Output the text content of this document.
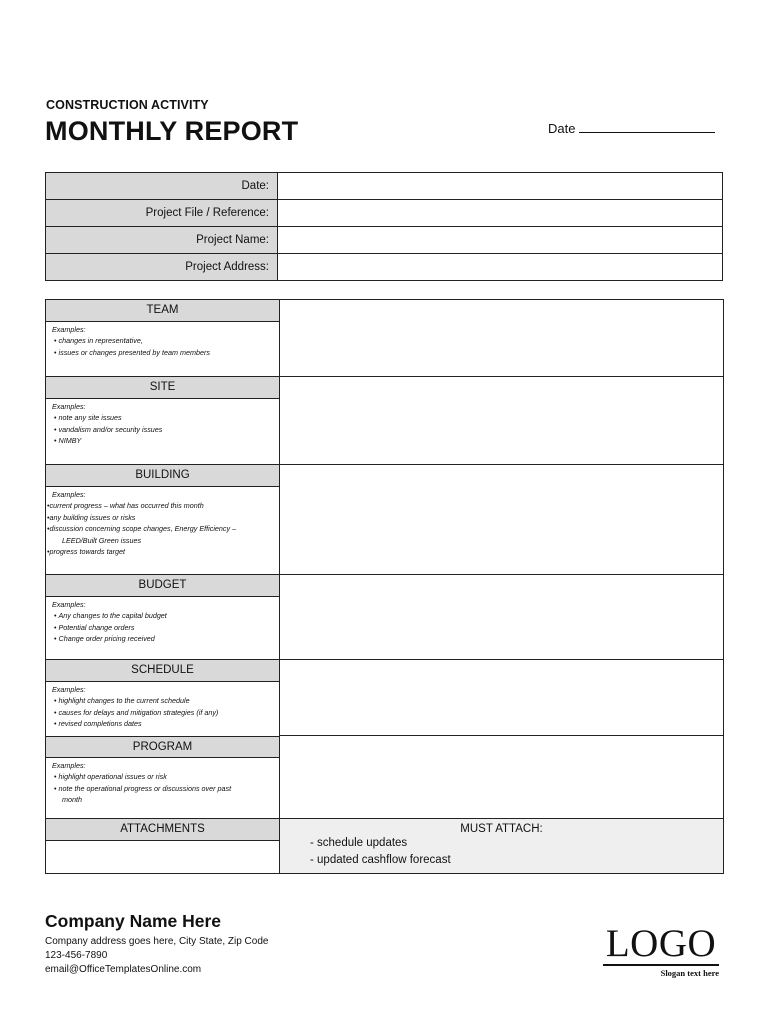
CONSTRUCTION ACTIVITY
MONTHLY REPORT	Date
Date:	
Project File / Reference:	
Project Name:	
Project Address:	
TEAM
Examples:
• changes in representative,
• issues or changes presented by team members
SITE
Examples:
• note any site issues
• vandalism and/or security issues
• NIMBY
BUILDING
Examples:
•current progress – what has occurred this month
•any building issues or risks
•discussion concerning scope changes, Energy Efficiency –
LEED/Built Green issues
•progress towards target
BUDGET
Examples:
• Any changes to the capital budget
• Potential change orders
• Change order pricing received
SCHEDULE
Examples:
• highlight changes to the current schedule
• causes for delays and mitigation strategies (if any)
• revised completions dates
PROGRAM
Examples:
• highlight operational issues or risk
• note the operational progress or discussions over past
month
ATTACHMENTS	MUST ATTACH:
- schedule updates
- updated cashflow forecast
Company Name Here
Company address goes here, City State, Zip Code
123-456-7890
email@OfficeTemplatesOnline.com
LOGO
Slogan text here
